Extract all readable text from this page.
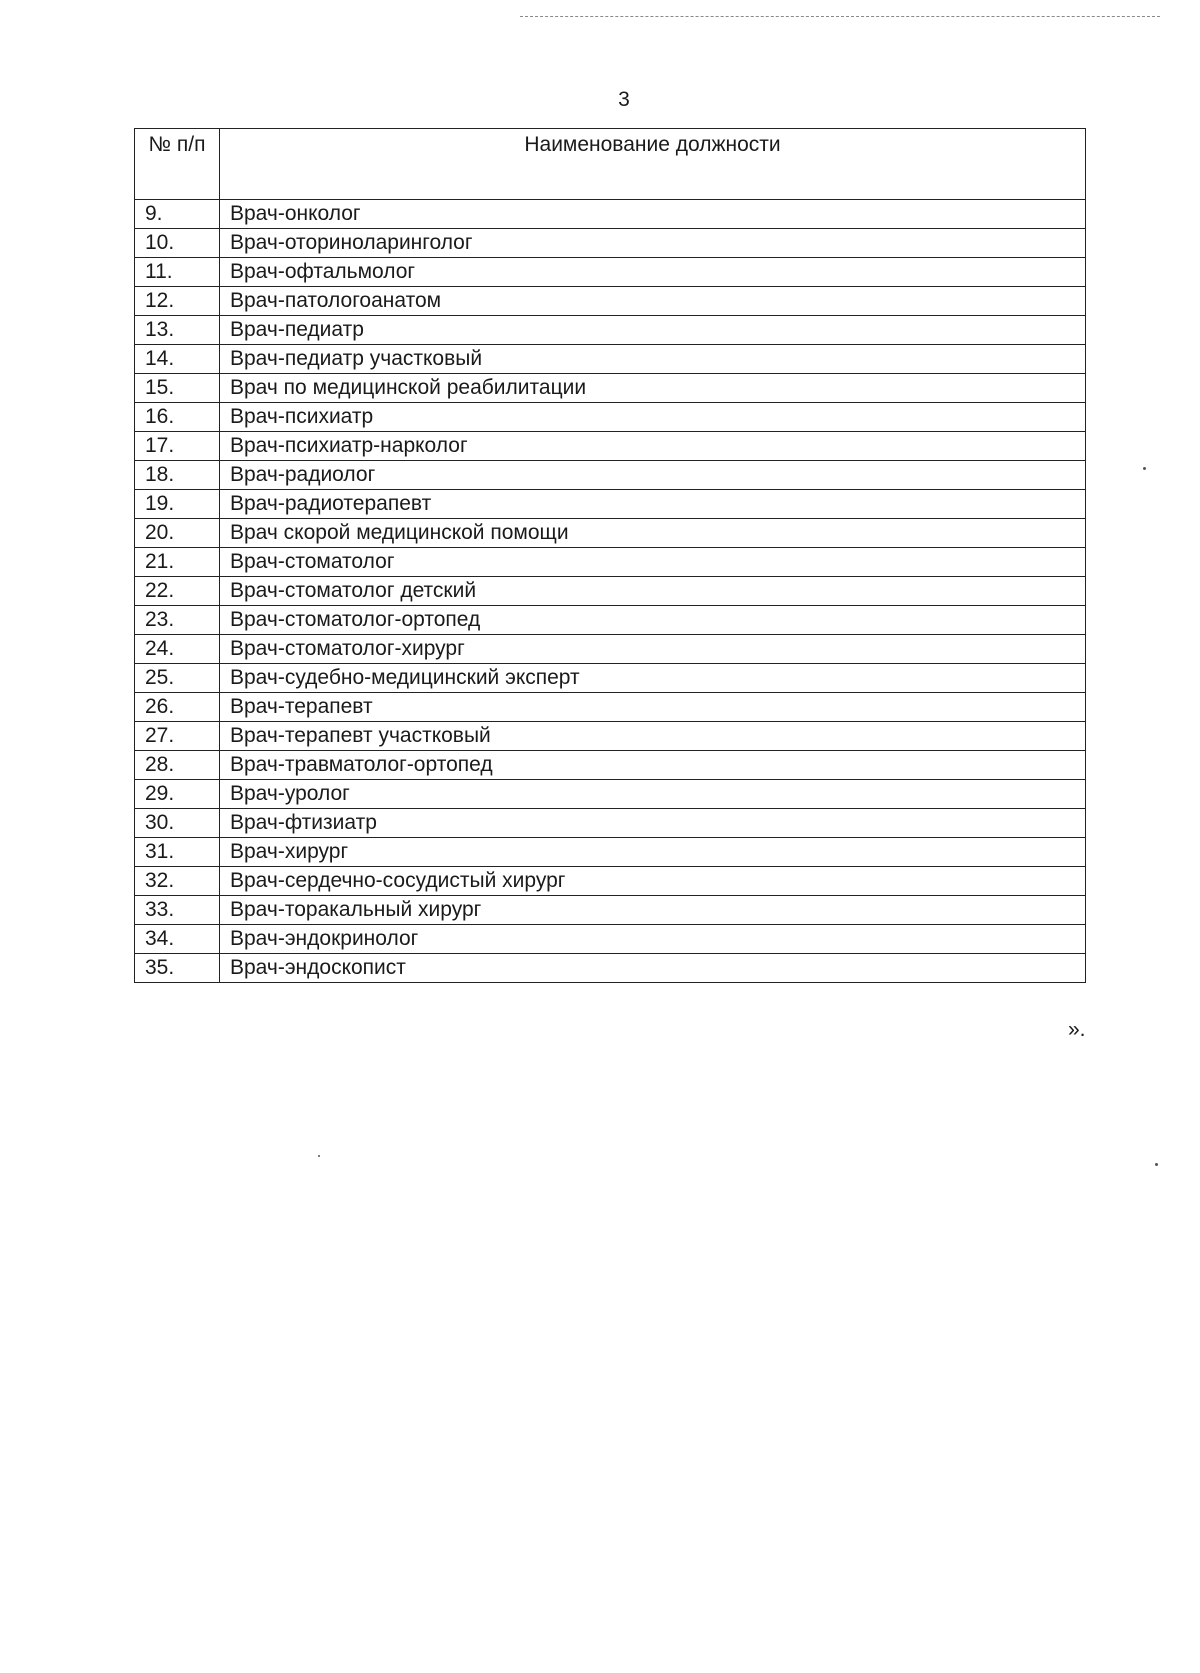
3
№ п/п	Наименование должности
9.	Врач-онколог
10.	Врач-оториноларинголог
11.	Врач-офтальмолог
12.	Врач-патологоанатом
13.	Врач-педиатр
14.	Врач-педиатр участковый
15.	Врач по медицинской реабилитации
16.	Врач-психиатр
17.	Врач-психиатр-нарколог
18.	Врач-радиолог
19.	Врач-радиотерапевт
20.	Врач скорой медицинской помощи
21.	Врач-стоматолог
22.	Врач-стоматолог детский
23.	Врач-стоматолог-ортопед
24.	Врач-стоматолог-хирург
25.	Врач-судебно-медицинский эксперт
26.	Врач-терапевт
27.	Врач-терапевт участковый
28.	Врач-травматолог-ортопед
29.	Врач-уролог
30.	Врач-фтизиатр
31.	Врач-хирург
32.	Врач-сердечно-сосудистый хирург
33.	Врач-торакальный хирург
34.	Врач-эндокринолог
35.	Врач-эндоскопист
».
